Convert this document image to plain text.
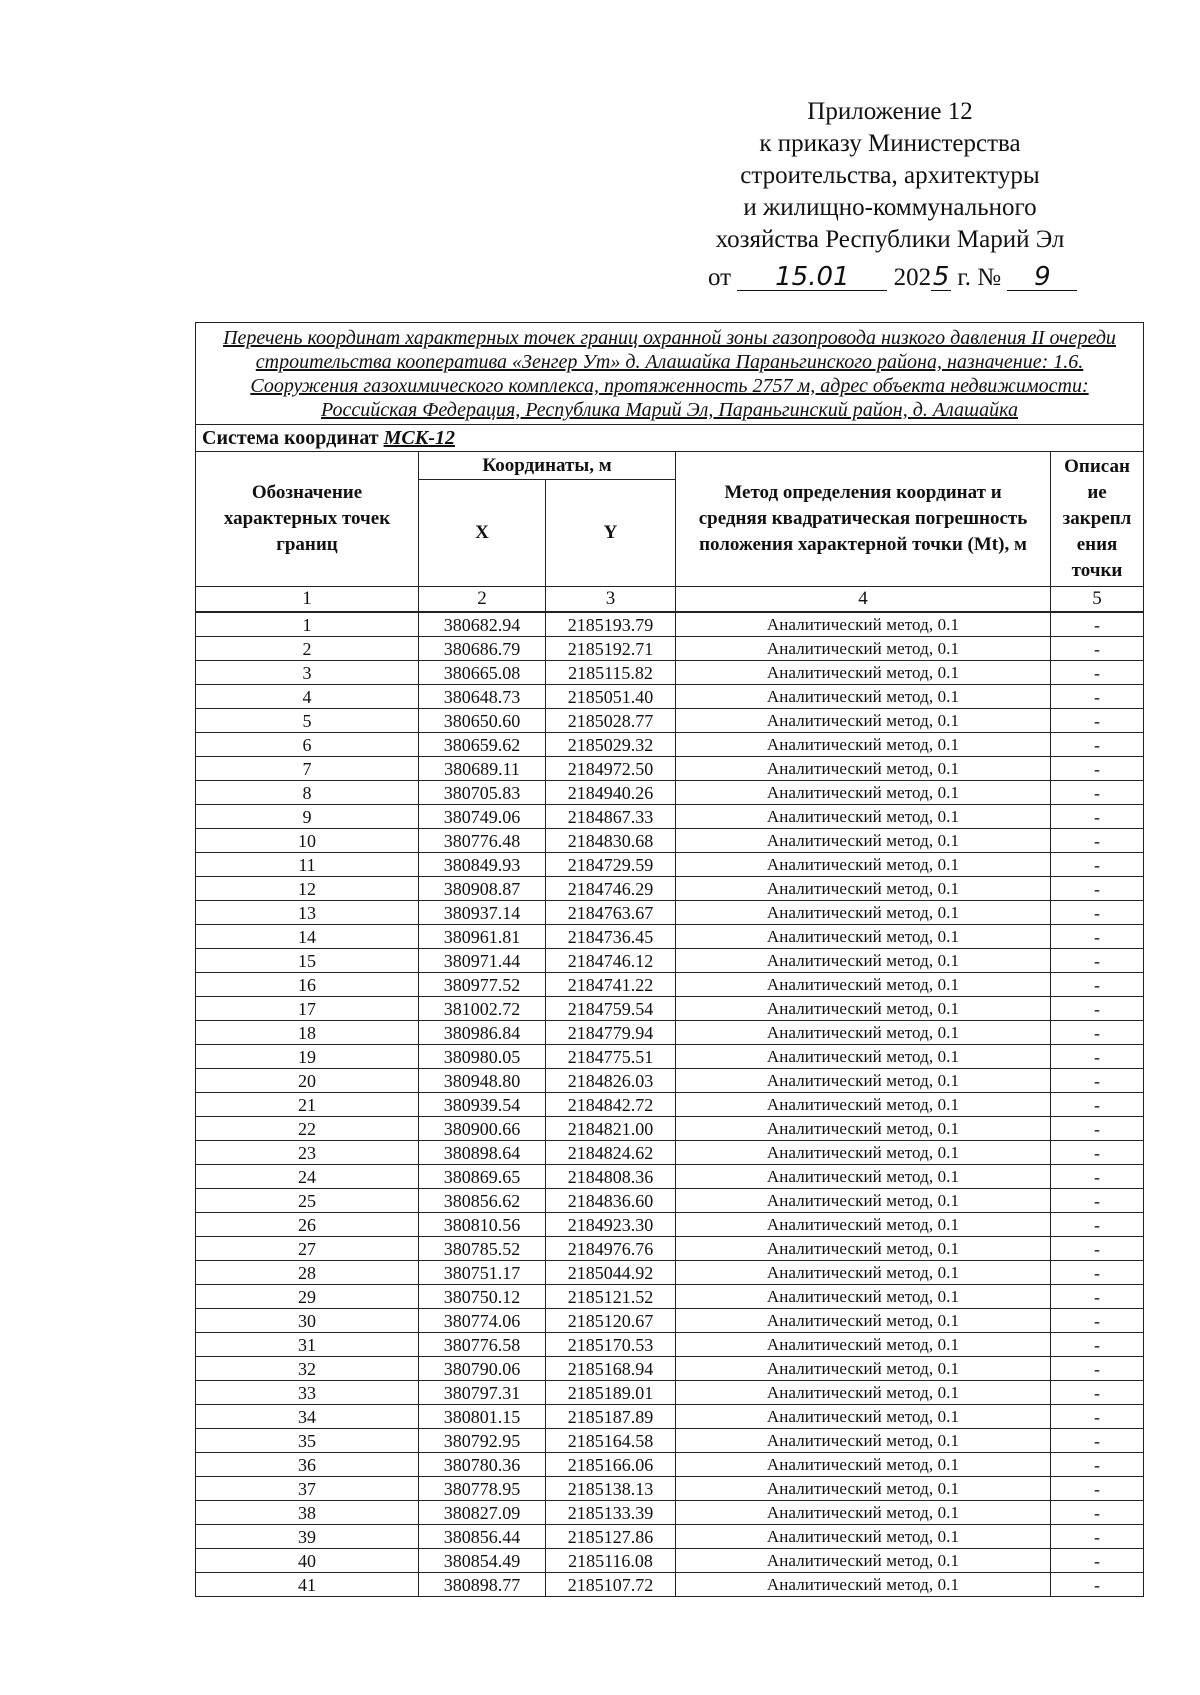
Приложение 12
к приказу Министерства
строительства, архитектуры
и жилищно-коммунального
хозяйства Республики Марий Эл
от 15.01 2025 г. № 9
Перечень координат характерных точек границ охранной зоны газопровода низкого давления II очереди строительства кооператива «Зенгер Ут» д. Алашайка Параньгинского района, назначение: 1.6. Сооружения газохимического комплекса, протяженность 2757 м, адрес объекта недвижимости: Российская Федерация, Республика Марий Эл, Параньгинский район, д. Алашайка				
Система координат МСК-12				
Обозначение характерных точек границ	Координаты, м		Метод определения координат и средняя квадратическая погрешность положения характерной точки (Mt), м	Описание закрепления точки
	X	Y		
1	2	3	4	5
1	380682.94	2185193.79	Аналитический метод, 0.1	-
2	380686.79	2185192.71	Аналитический метод, 0.1	-
3	380665.08	2185115.82	Аналитический метод, 0.1	-
4	380648.73	2185051.40	Аналитический метод, 0.1	-
5	380650.60	2185028.77	Аналитический метод, 0.1	-
6	380659.62	2185029.32	Аналитический метод, 0.1	-
7	380689.11	2184972.50	Аналитический метод, 0.1	-
8	380705.83	2184940.26	Аналитический метод, 0.1	-
9	380749.06	2184867.33	Аналитический метод, 0.1	-
10	380776.48	2184830.68	Аналитический метод, 0.1	-
11	380849.93	2184729.59	Аналитический метод, 0.1	-
12	380908.87	2184746.29	Аналитический метод, 0.1	-
13	380937.14	2184763.67	Аналитический метод, 0.1	-
14	380961.81	2184736.45	Аналитический метод, 0.1	-
15	380971.44	2184746.12	Аналитический метод, 0.1	-
16	380977.52	2184741.22	Аналитический метод, 0.1	-
17	381002.72	2184759.54	Аналитический метод, 0.1	-
18	380986.84	2184779.94	Аналитический метод, 0.1	-
19	380980.05	2184775.51	Аналитический метод, 0.1	-
20	380948.80	2184826.03	Аналитический метод, 0.1	-
21	380939.54	2184842.72	Аналитический метод, 0.1	-
22	380900.66	2184821.00	Аналитический метод, 0.1	-
23	380898.64	2184824.62	Аналитический метод, 0.1	-
24	380869.65	2184808.36	Аналитический метод, 0.1	-
25	380856.62	2184836.60	Аналитический метод, 0.1	-
26	380810.56	2184923.30	Аналитический метод, 0.1	-
27	380785.52	2184976.76	Аналитический метод, 0.1	-
28	380751.17	2185044.92	Аналитический метод, 0.1	-
29	380750.12	2185121.52	Аналитический метод, 0.1	-
30	380774.06	2185120.67	Аналитический метод, 0.1	-
31	380776.58	2185170.53	Аналитический метод, 0.1	-
32	380790.06	2185168.94	Аналитический метод, 0.1	-
33	380797.31	2185189.01	Аналитический метод, 0.1	-
34	380801.15	2185187.89	Аналитический метод, 0.1	-
35	380792.95	2185164.58	Аналитический метод, 0.1	-
36	380780.36	2185166.06	Аналитический метод, 0.1	-
37	380778.95	2185138.13	Аналитический метод, 0.1	-
38	380827.09	2185133.39	Аналитический метод, 0.1	-
39	380856.44	2185127.86	Аналитический метод, 0.1	-
40	380854.49	2185116.08	Аналитический метод, 0.1	-
41	380898.77	2185107.72	Аналитический метод, 0.1	-
